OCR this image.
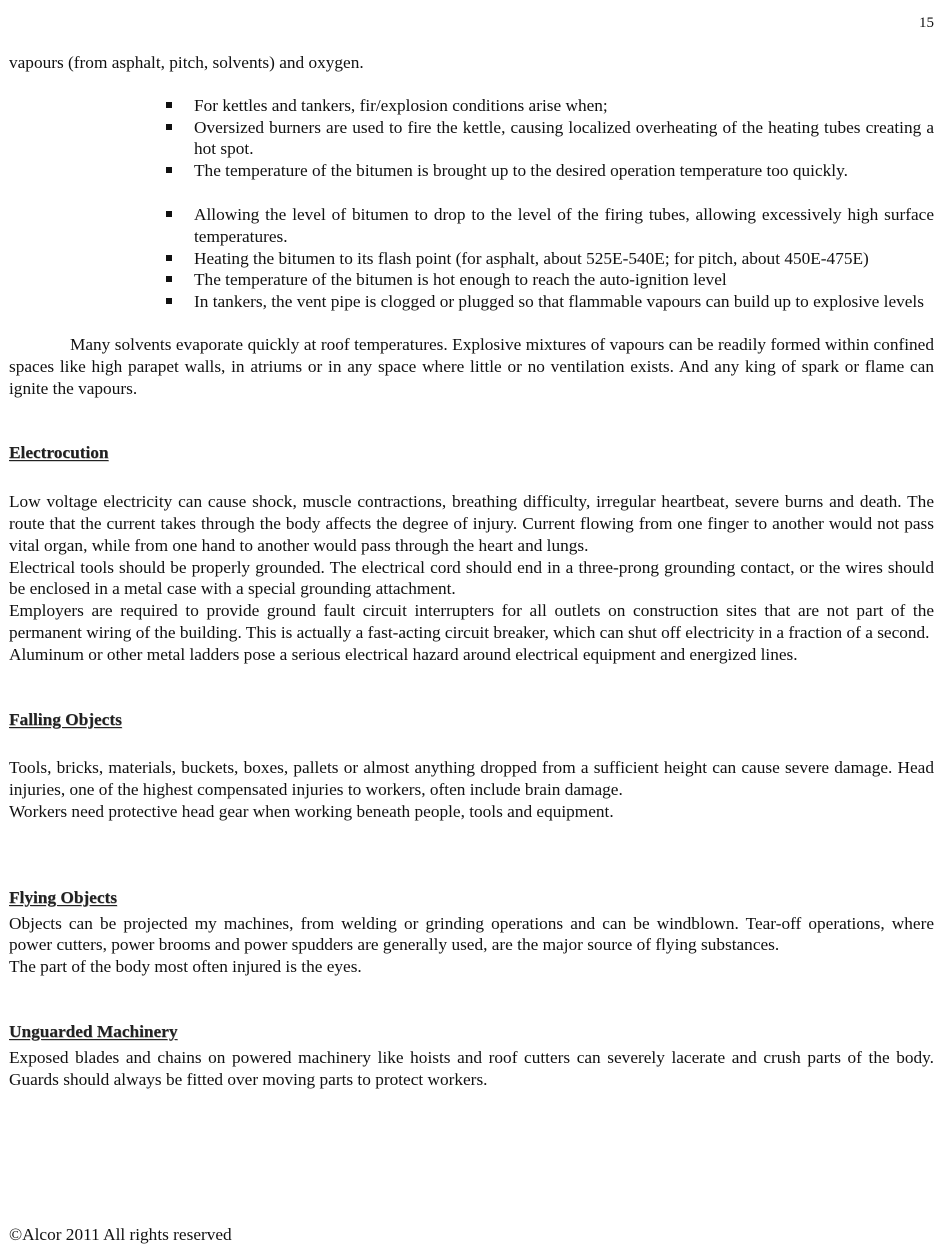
15

vapours (from asphalt, pitch, solvents) and oxygen.

For kettles and tankers, fir/explosion conditions arise when;
Oversized burners are used to fire the kettle, causing localized overheating of the heating tubes creating a hot spot.
The temperature of the bitumen is brought up to the desired operation temperature too quickly.
Allowing the level of bitumen to drop to the level of the firing tubes, allowing excessively high surface temperatures.
Heating the bitumen to its flash point (for asphalt, about 525E-540E; for pitch, about 450E-475E)
The temperature of the bitumen is hot enough to reach the auto-ignition level
In tankers, the vent pipe is clogged or plugged so that flammable vapours can build up to explosive levels

Many solvents evaporate quickly at roof temperatures. Explosive mixtures of vapours can be readily formed within confined spaces like high parapet walls, in atriums or in any space where little or no ventilation exists. And any king of spark or flame can ignite the vapours.

Electrocution

Low voltage electricity can cause shock, muscle contractions, breathing difficulty, irregular heartbeat, severe burns and death. The route that the current takes through the body affects the degree of injury. Current flowing from one finger to another would not pass vital organ, while from one hand to another would pass through the heart and lungs.

Electrical tools should be properly grounded. The electrical cord should end in a three-prong grounding contact, or the wires should be enclosed in a metal case with a special grounding attachment.

Employers are required to provide ground fault circuit interrupters for all outlets on construction sites that are not part of the permanent wiring of the building. This is actually a fast-acting circuit breaker, which can shut off electricity in a fraction of a second.

Aluminum or other metal ladders pose a serious electrical hazard around electrical equipment and energized lines.

Falling Objects

Tools, bricks, materials, buckets, boxes, pallets or almost anything dropped from a sufficient height can cause severe damage. Head injuries, one of the highest compensated injuries to workers, often include brain damage.

Workers need protective head gear when working beneath people, tools and equipment.

Flying Objects

Objects can be projected my machines, from welding or grinding operations and can be windblown. Tear-off operations, where power cutters, power brooms and power spudders are generally used, are the major source of flying substances.

The part of the body most often injured is the eyes.

Unguarded Machinery

Exposed blades and chains on powered machinery like hoists and roof cutters can severely lacerate and crush parts of the body. Guards should always be fitted over moving parts to protect workers.

©Alcor 2011 All rights reserved
